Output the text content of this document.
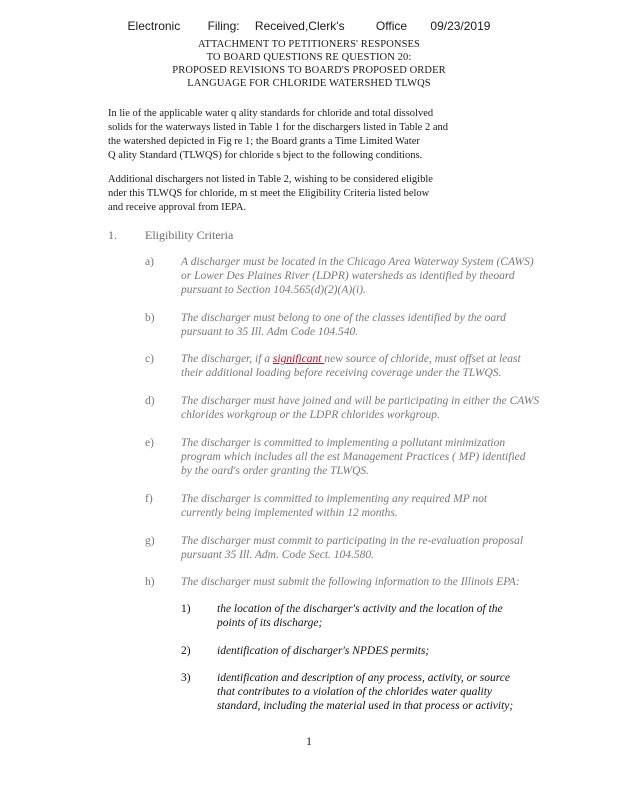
Electronic Filing: Received,Clerk's	Office 09/23/2019
ATTACHMENT TO PETITIONERS' RESPONSES
TO BOARD QUESTIONS RE QUESTION 20:
PROPOSED REVISIONS TO BOARD'S PROPOSED ORDER
LANGUAGE FOR CHLORIDE WATERSHED TLWQS
In lie of the applicable water q ality standards for chloride and total dissolved
solids for the waterways listed in Table 1 for the dischargers listed in Table 2 and
the watershed depicted in Fig re 1; the Board grants a Time Limited Water
Q ality Standard (TLWQS) for chloride s bject to the following conditions.
Additional dischargers not listed in Table 2, wishing to be considered eligible
nder this TLWQS for chloride, m st meet the Eligibility Criteria listed below
and receive approval from IEPA.
1. Eligibility Criteria
a) A discharger must be located in the Chicago Area Waterway System (CAWS)
or Lower Des Plaines River (LDPR) watersheds as identified by theoard
pursuant to Section 104.565(d)(2)(A)(i).
b) The discharger must belong to one of the classes identified by the oard
pursuant to 35 Ill. Adm Code 104.540.
c) The discharger, if a significant new source of chloride, must offset at least
their additional loading before receiving coverage under the TLWQS.
d) The discharger must have joined and will be participating in either the CAWS
chlorides workgroup or the LDPR chlorides workgroup.
e) The discharger is committed to implementing a pollutant minimization
program which includes all the est Management Practices ( MP) identified
by the oard's order granting the TLWQS.
f) The discharger is committed to implementing any required MP not
currently being implemented within 12 months.
g) The discharger must commit to participating in the re-evaluation proposal
pursuant 35 Ill. Adm. Code Sect. 104.580.
h) The discharger must submit the following information to the Illinois EPA:
1) the location of the discharger's activity and the location of the
points of its discharge;
2) identification of discharger's NPDES permits;
3) identification and description of any process, activity, or source
that contributes to a violation of the chlorides water quality
standard, including the material used in that process or activity;
1
